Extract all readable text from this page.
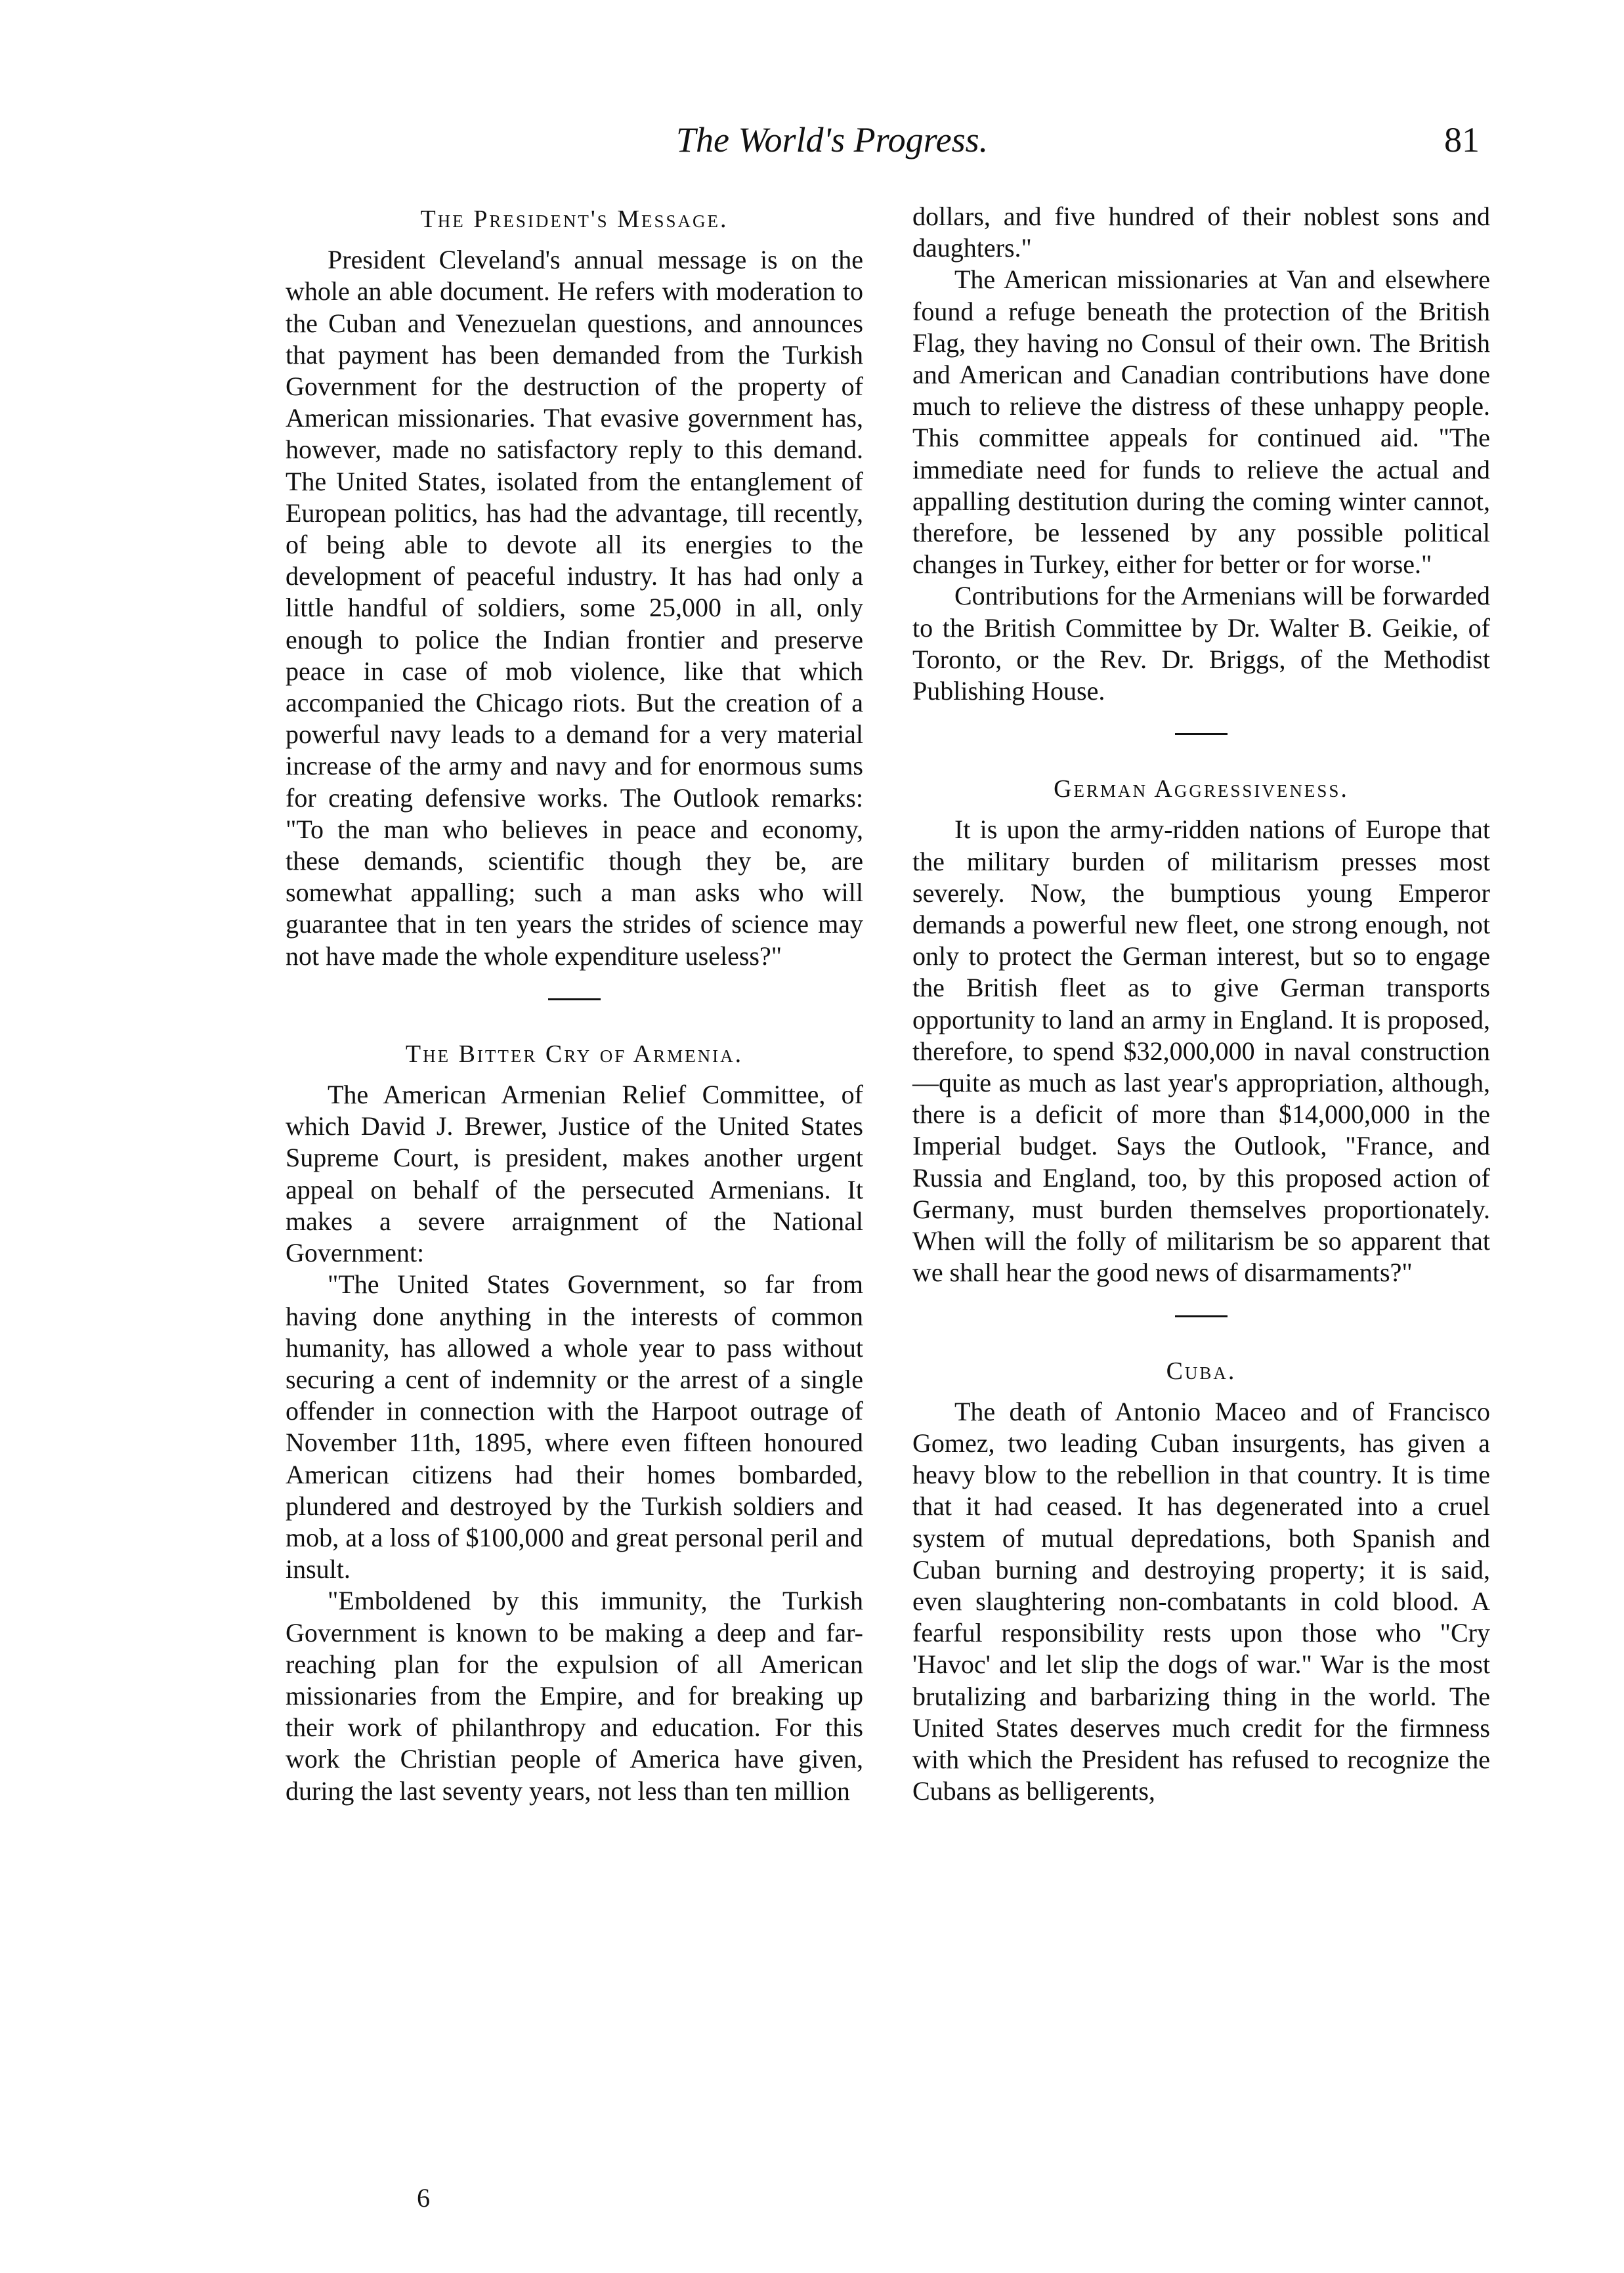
The World's Progress.	81
The President's Message.

President Cleveland's annual message is on the whole an able document. He refers with moderation to the Cuban and Venezuelan questions, and announces that payment has been demanded from the Turkish Government for the destruction of the property of American missionaries. That evasive government has, however, made no satisfactory reply to this demand. The United States, isolated from the entanglement of European politics, has had the advantage, till recently, of being able to devote all its energies to the development of peaceful industry. It has had only a little handful of soldiers, some 25,000 in all, only enough to police the Indian frontier and preserve peace in case of mob violence, like that which accompanied the Chicago riots. But the creation of a powerful navy leads to a demand for a very material increase of the army and navy and for enormous sums for creating defensive works. The Outlook remarks: "To the man who believes in peace and economy, these demands, scientific though they be, are somewhat appalling; such a man asks who will guarantee that in ten years the strides of science may not have made the whole expenditure useless?"

The Bitter Cry of Armenia.

The American Armenian Relief Committee, of which David J. Brewer, Justice of the United States Supreme Court, is president, makes another urgent appeal on behalf of the persecuted Armenians. It makes a severe arraignment of the National Government:

"The United States Government, so far from having done anything in the interests of common humanity, has allowed a whole year to pass without securing a cent of indemnity or the arrest of a single offender in connection with the Harpoot outrage of November 11th, 1895, where even fifteen honoured American citizens had their homes bombarded, plundered and destroyed by the Turkish soldiers and mob, at a loss of $100,000 and great personal peril and insult.

"Emboldened by this immunity, the Turkish Government is known to be making a deep and far-reaching plan for the expulsion of all American missionaries from the Empire, and for breaking up their work of philanthropy and education. For this work the Christian people of America have given, during the last seventy years, not less than ten million

6

dollars, and five hundred of their noblest sons and daughters."

The American missionaries at Van and elsewhere found a refuge beneath the protection of the British Flag, they having no Consul of their own. The British and American and Canadian contributions have done much to relieve the distress of these unhappy people. This committee appeals for continued aid. "The immediate need for funds to relieve the actual and appalling destitution during the coming winter cannot, therefore, be lessened by any possible political changes in Turkey, either for better or for worse."

Contributions for the Armenians will be forwarded to the British Committee by Dr. Walter B. Geikie, of Toronto, or the Rev. Dr. Briggs, of the Methodist Publishing House.

German Aggressiveness.

It is upon the army-ridden nations of Europe that the military burden of militarism presses most severely. Now, the bumptious young Emperor demands a powerful new fleet, one strong enough, not only to protect the German interest, but so to engage the British fleet as to give German transports opportunity to land an army in England. It is proposed, therefore, to spend $32,000,000 in naval construction—quite as much as last year's appropriation, although, there is a deficit of more than $14,000,000 in the Imperial budget. Says the Outlook, "France, and Russia and England, too, by this proposed action of Germany, must burden themselves proportionately. When will the folly of militarism be so apparent that we shall hear the good news of disarmaments?"

Cuba.

The death of Antonio Maceo and of Francisco Gomez, two leading Cuban insurgents, has given a heavy blow to the rebellion in that country. It is time that it had ceased. It has degenerated into a cruel system of mutual depredations, both Spanish and Cuban burning and destroying property; it is said, even slaughtering non-combatants in cold blood. A fearful responsibility rests upon those who "Cry 'Havoc' and let slip the dogs of war." War is the most brutalizing and barbarizing thing in the world. The United States deserves much credit for the firmness with which the President has refused to recognize the Cubans as belligerents,
